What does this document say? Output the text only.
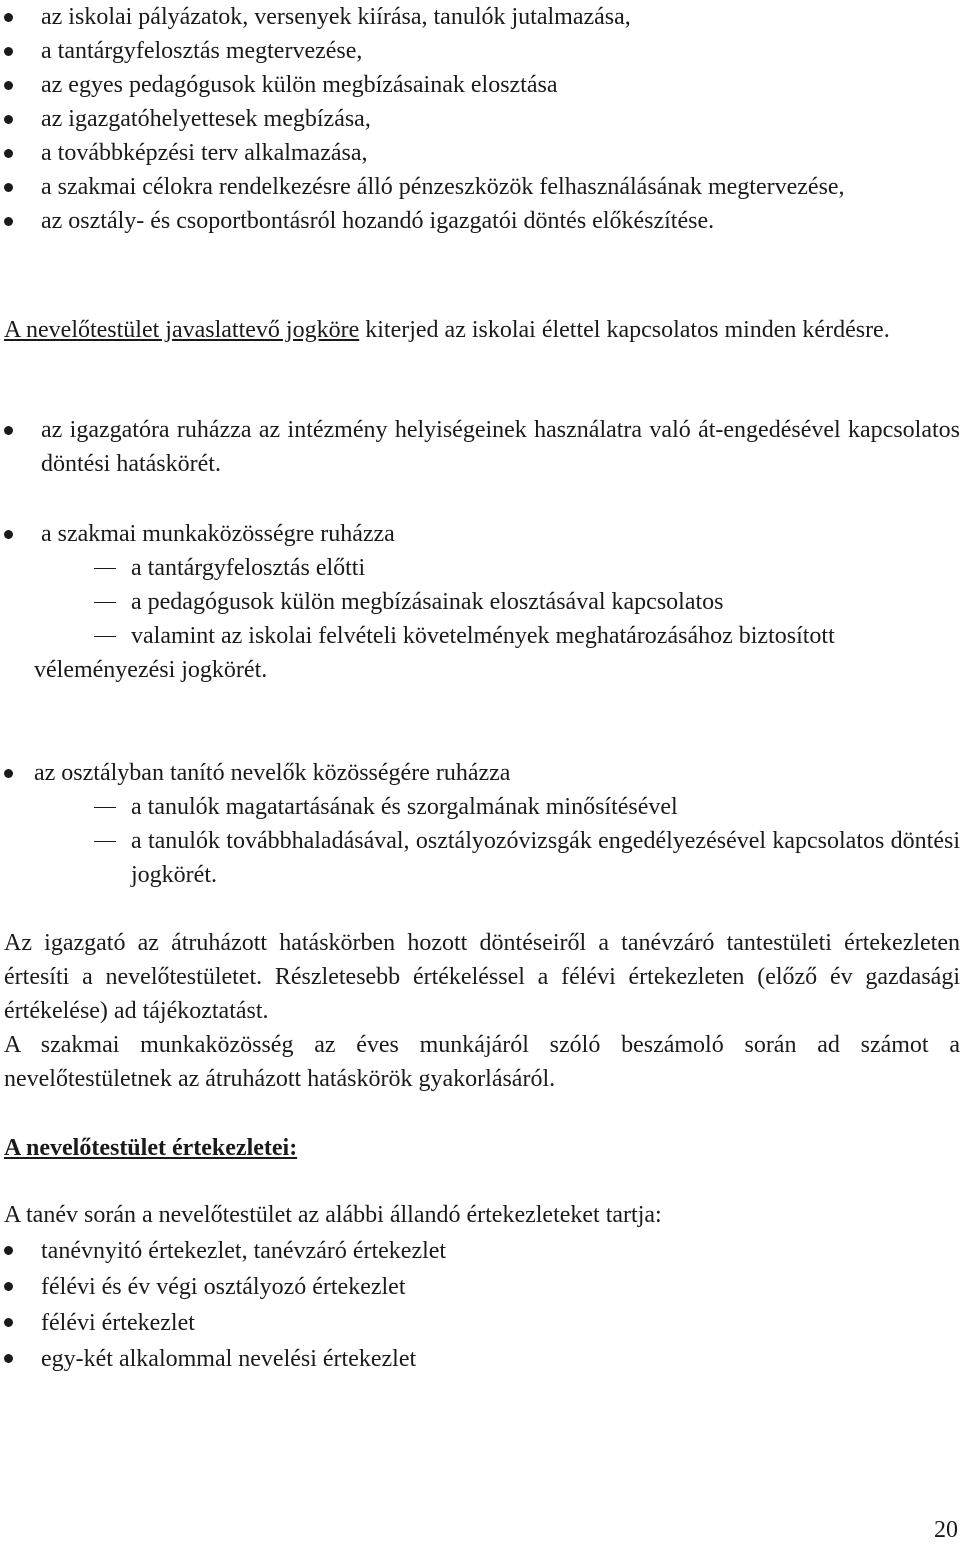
az iskolai pályázatok, versenyek kiírása, tanulók jutalmazása,
a tantárgyfelosztás megtervezése,
az egyes pedagógusok külön megbízásainak elosztása
az igazgatóhelyettesek megbízása,
a továbbképzési terv alkalmazása,
a szakmai célokra rendelkezésre álló pénzeszközök felhasználásának megtervezése,
az osztály- és csoportbontásról hozandó igazgatói döntés előkészítése.

A nevelőtestület javaslattevő jogköre kiterjed az iskolai élettel kapcsolatos minden kérdésre.

az igazgatóra ruházza az intézmény helyiségeinek használatra való át-engedésével kapcsolatos döntési hatáskörét.
a szakmai munkaközösségre ruházza
a tantárgyfelosztás előtti
a pedagógusok külön megbízásainak elosztásával kapcsolatos
valamint az iskolai felvételi követelmények meghatározásához biztosított

véleményezési jogkörét.

az osztályban tanító nevelők közösségére ruházza
a tanulók magatartásának és szorgalmának minősítésével
a tanulók továbbhaladásával, osztályozóvizsgák engedélyezésével kapcsolatos döntési jogkörét.

Az igazgató az átruházott hatáskörben hozott döntéseiről a tanévzáró tantestületi értekezleten értesíti a nevelőtestületet. Részletesebb értékeléssel a félévi értekezleten (előző év gazdasági értékelése) ad tájékoztatást.

A szakmai munkaközösség az éves munkájáról szóló beszámoló során ad számot a nevelőtestületnek az átruházott hatáskörök gyakorlásáról.

A nevelőtestület értekezletei:

A tanév során a nevelőtestület az alábbi állandó értekezleteket tartja:

tanévnyitó értekezlet, tanévzáró értekezlet
félévi és év végi osztályozó értekezlet
félévi értekezlet
egy-két alkalommal nevelési értekezlet
20
